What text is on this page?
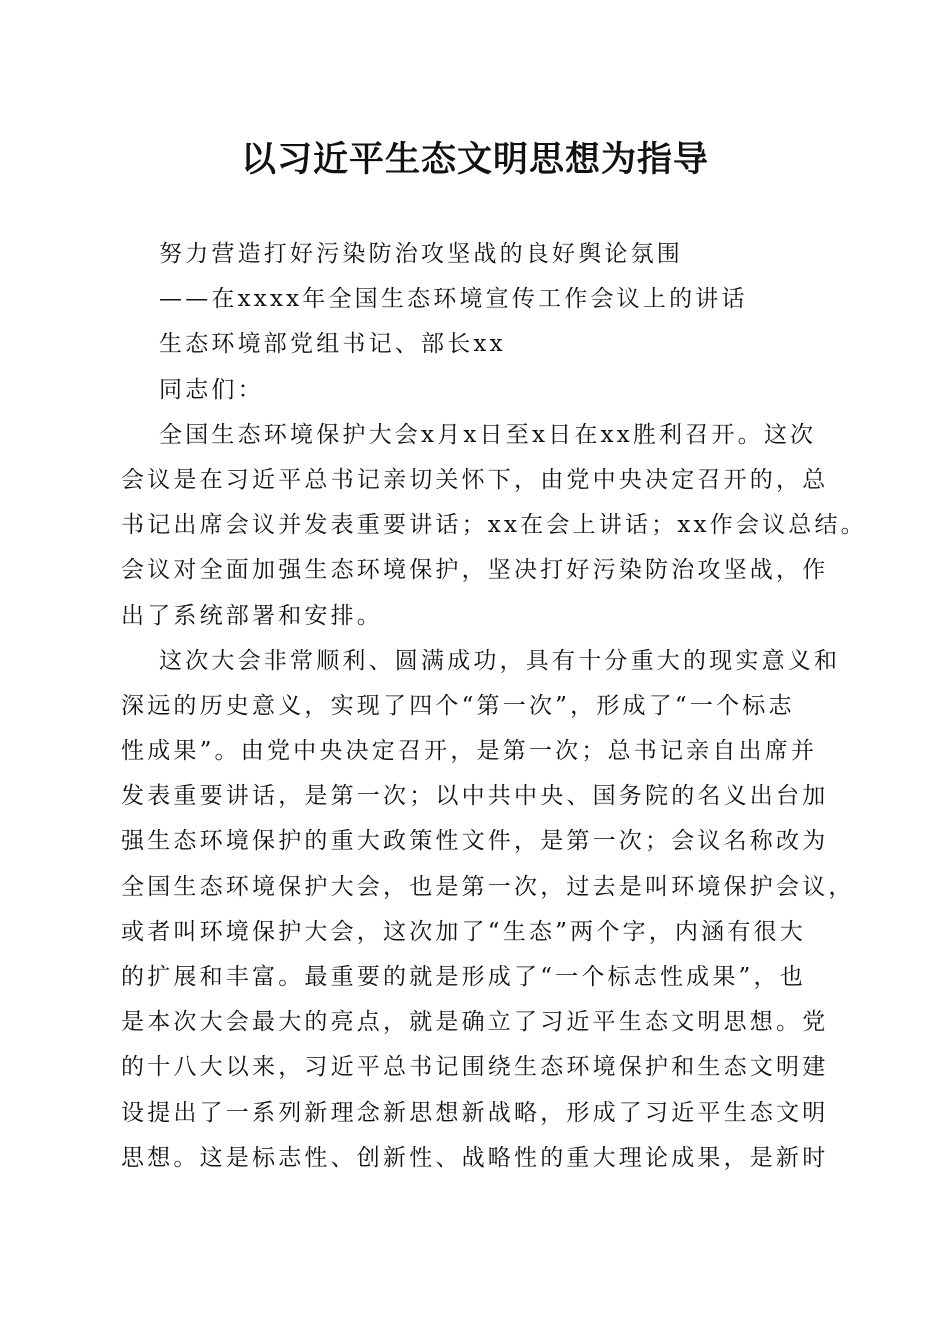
以习近平生态文明思想为指导

努力营造打好污染防治攻坚战的良好舆论氛围

——在xxxx年全国生态环境宣传工作会议上的讲话

生态环境部党组书记、部长xx

同志们：

全国生态环境保护大会x月x日至x日在xx胜利召开。这次
会议是在习近平总书记亲切关怀下，由党中央决定召开的，总
书记出席会议并发表重要讲话；xx在会上讲话；xx作会议总结。
会议对全面加强生态环境保护，坚决打好污染防治攻坚战，作
出了系统部署和安排。
这次大会非常顺利、圆满成功，具有十分重大的现实意义和
深远的历史意义，实现了四个“第一次”，形成了“一个标志
性成果”。由党中央决定召开，是第一次；总书记亲自出席并
发表重要讲话，是第一次；以中共中央、国务院的名义出台加
强生态环境保护的重大政策性文件，是第一次；会议名称改为
全国生态环境保护大会，也是第一次，过去是叫环境保护会议，
或者叫环境保护大会，这次加了“生态”两个字，内涵有很大
的扩展和丰富。最重要的就是形成了“一个标志性成果”，也
是本次大会最大的亮点，就是确立了习近平生态文明思想。党
的十八大以来，习近平总书记围绕生态环境保护和生态文明建
设提出了一系列新理念新思想新战略，形成了习近平生态文明
思想。这是标志性、创新性、战略性的重大理论成果，是新时
